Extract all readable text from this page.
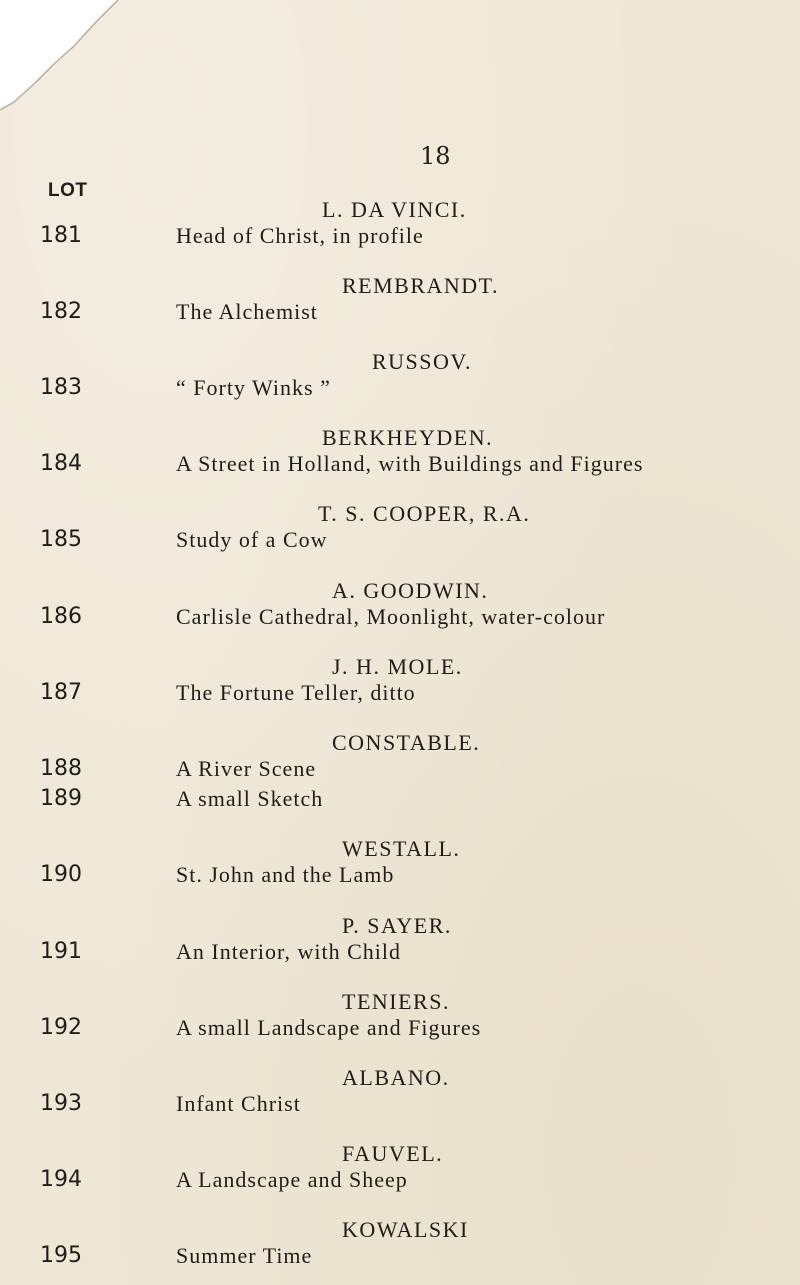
18
LOT
L. DA VINCI.
181	Head of Christ, in profile
REMBRANDT.
182	The Alchemist
RUSSOV.
183	“ Forty Winks ”
BERKHEYDEN.
184	A Street in Holland, with Buildings and Figures
T. S. COOPER, R.A.
185	Study of a Cow
A. GOODWIN.
186	Carlisle Cathedral, Moonlight, water-colour
J. H. MOLE.
187	The Fortune Teller, ditto
CONSTABLE.
188	A River Scene
189	A small Sketch
WESTALL.
190	St. John and the Lamb
P. SAYER.
191	An Interior, with Child
TENIERS.
192	A small Landscape and Figures
ALBANO.
193	Infant Christ
FAUVEL.
194	A Landscape and Sheep
KOWALSKI
195	Summer Time
